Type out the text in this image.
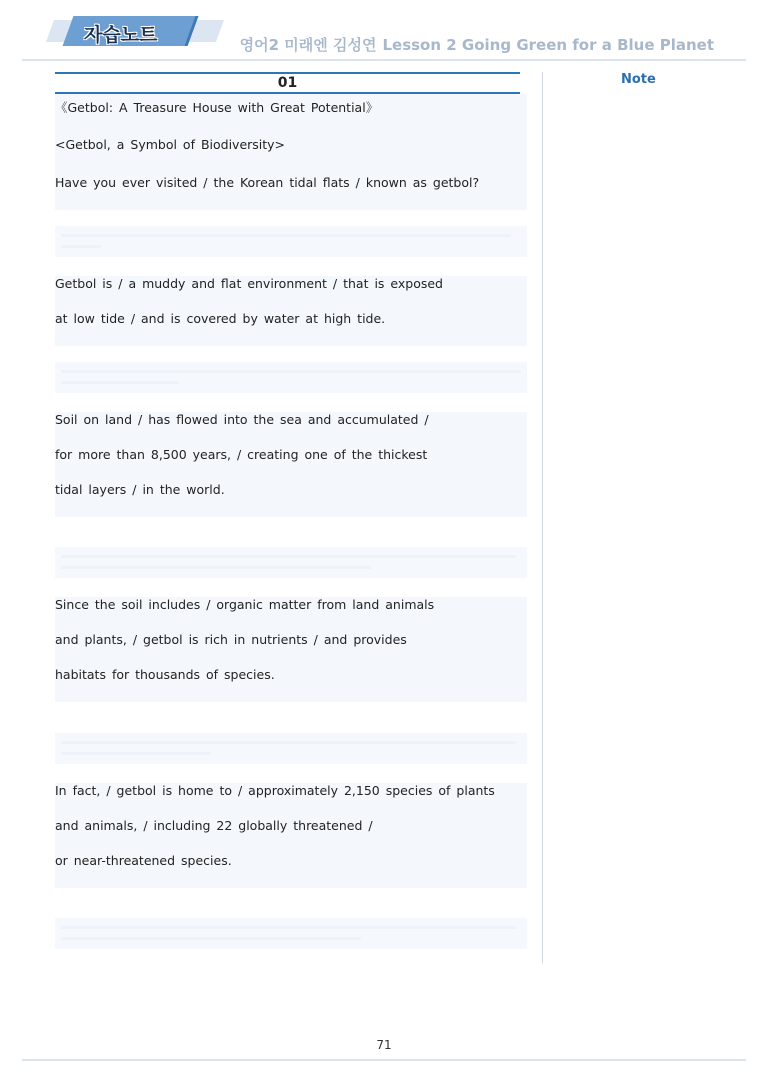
자습노트	영어2 미래엔 김성연 Lesson 2 Going Green for a Blue Planet
Note
01
《Getbol: A Treasure House with Great Potential》
<Getbol, a Symbol of Biodiversity>
Have you ever visited / the Korean tidal flats / known as getbol?
Getbol is / a muddy and flat environment / that is exposed
at low tide / and is covered by water at high tide.
Soil on land / has flowed into the sea and accumulated /
for more than 8,500 years, / creating one of the thickest
tidal layers / in the world.
Since the soil includes / organic matter from land animals
and plants, / getbol is rich in nutrients / and provides
habitats for thousands of species.
In fact, / getbol is home to / approximately 2,150 species of plants
and animals, / including 22 globally threatened /
or near-threatened species.
71
